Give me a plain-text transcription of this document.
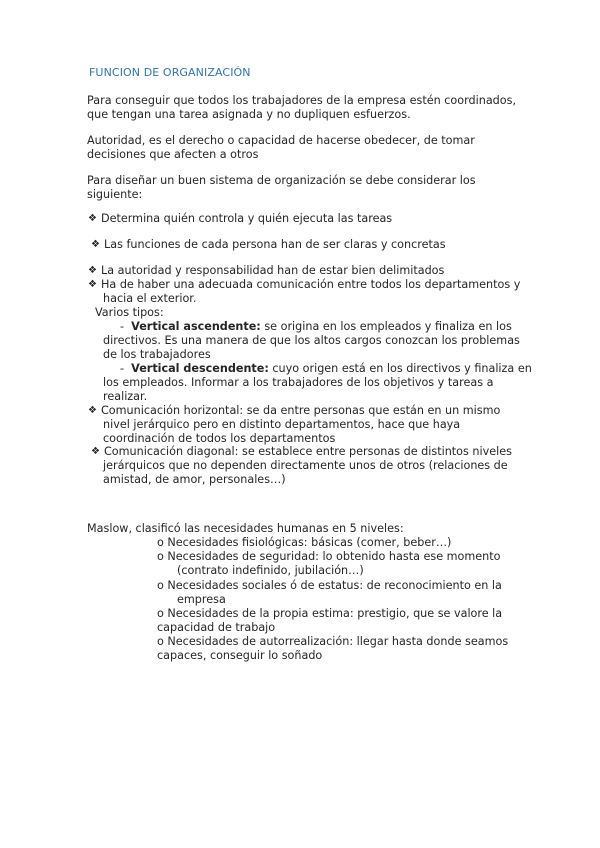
FUNCION DE ORGANIZACIÓN
Para conseguir que todos los trabajadores de la empresa estén coordinados,
que tengan una tarea asignada y no dupliquen esfuerzos.
Autoridad, es el derecho o capacidad de hacerse obedecer, de tomar
decisiones que afecten a otros
Para diseñar un buen sistema de organización se debe considerar los
siguiente:
❖ Determina quién controla y quién ejecuta las tareas
❖ Las funciones de cada persona han de ser claras y concretas
❖ La autoridad y responsabilidad han de estar bien delimitados
❖ Ha de haber una adecuada comunicación entre todos los departamentos y
hacia el exterior.
Varios tipos:
- Vertical ascendente: se origina en los empleados y finaliza en los
directivos. Es una manera de que los altos cargos conozcan los problemas
de los trabajadores
- Vertical descendente: cuyo origen está en los directivos y finaliza en
los empleados. Informar a los trabajadores de los objetivos y tareas a
realizar.
❖ Comunicación horizontal: se da entre personas que están en un mismo
nivel jerárquico pero en distinto departamentos, hace que haya
coordinación de todos los departamentos
❖ Comunicación diagonal: se establece entre personas de distintos niveles
jerárquicos que no dependen directamente unos de otros (relaciones de
amistad, de amor, personales…)
Maslow, clasificó las necesidades humanas en 5 niveles:
o Necesidades fisiológicas: básicas (comer, beber…)
o Necesidades de seguridad: lo obtenido hasta ese momento
(contrato indefinido, jubilación…)
o Necesidades sociales ó de estatus: de reconocimiento en la
empresa
o Necesidades de la propia estima: prestigio, que se valore la
capacidad de trabajo
o Necesidades de autorrealización: llegar hasta donde seamos
capaces, conseguir lo soñado
